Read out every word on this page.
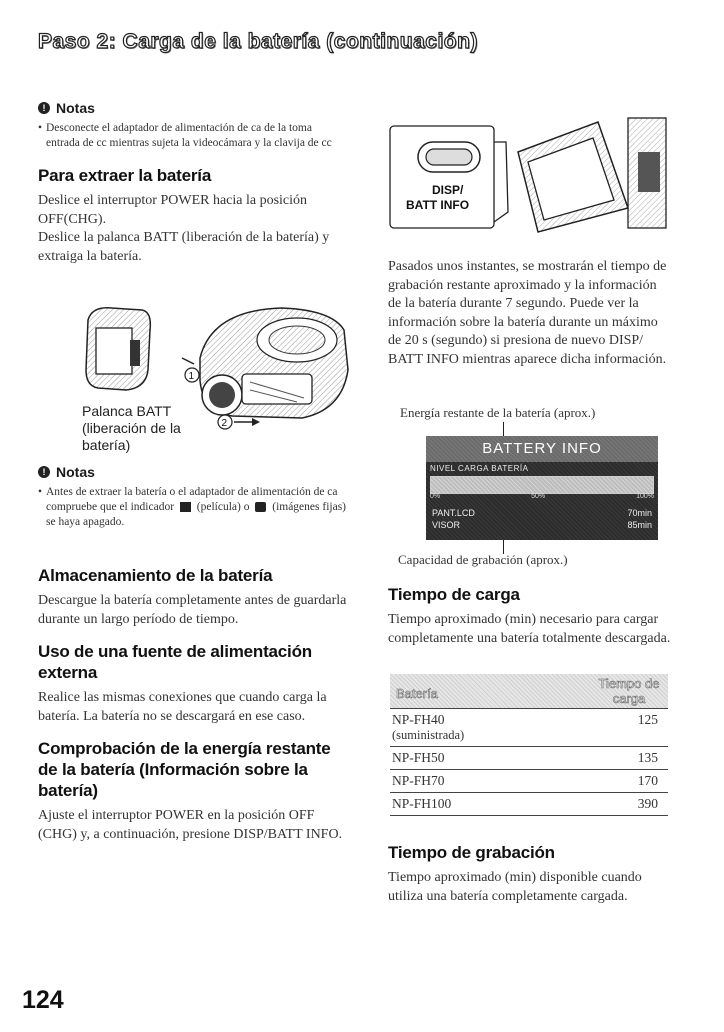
Paso 2: Carga de la batería (continuación)
! Notas
• Desconecte el adaptador de alimentación de ca de la toma entrada de cc mientras sujeta la videocámara y la clavija de cc
Para extraer la batería
Deslice el interruptor POWER hacia la posición OFF(CHG).
Deslice la palanca BATT (liberación de la batería) y extraiga la batería.
1
2
Palanca BATT (liberación de la batería)
! Notas
• Antes de extraer la batería o el adaptador de alimentación de ca compruebe que el indicador (película) o (imágenes fijas) se haya apagado.
Almacenamiento de la batería
Descargue la batería completamente antes de guardarla durante un largo período de tiempo.
Uso de una fuente de alimentación externa
Realice las mismas conexiones que cuando carga la batería. La batería no se descargará en ese caso.
Comprobación de la energía restante de la batería (Información sobre la batería)
Ajuste el interruptor POWER en la posición OFF (CHG) y, a continuación, presione DISP/BATT INFO.
DISP/
BATT INFO
Pasados unos instantes, se mostrarán el tiempo de grabación restante aproximado y la información de la batería durante 7 segundo. Puede ver la información sobre la batería durante un máximo de 20 s (segundo) si presiona de nuevo DISP/ BATT INFO mientras aparece dicha información.
Energía restante de la batería (aprox.)
BATTERY INFO
NIVEL CARGA BATERÍA
0%	50%	100%
PANT.LCD	70min
VISOR	85min
Capacidad de grabación (aprox.)
Tiempo de carga
Tiempo aproximado (min) necesario para cargar completamente una batería totalmente descargada.
Batería
Tiempo de carga
NP-FH40
(suministrada)	125
NP-FH50	135
NP-FH70	170
NP-FH100	390
Tiempo de grabación
Tiempo aproximado (min) disponible cuando utiliza una batería completamente cargada.
124
